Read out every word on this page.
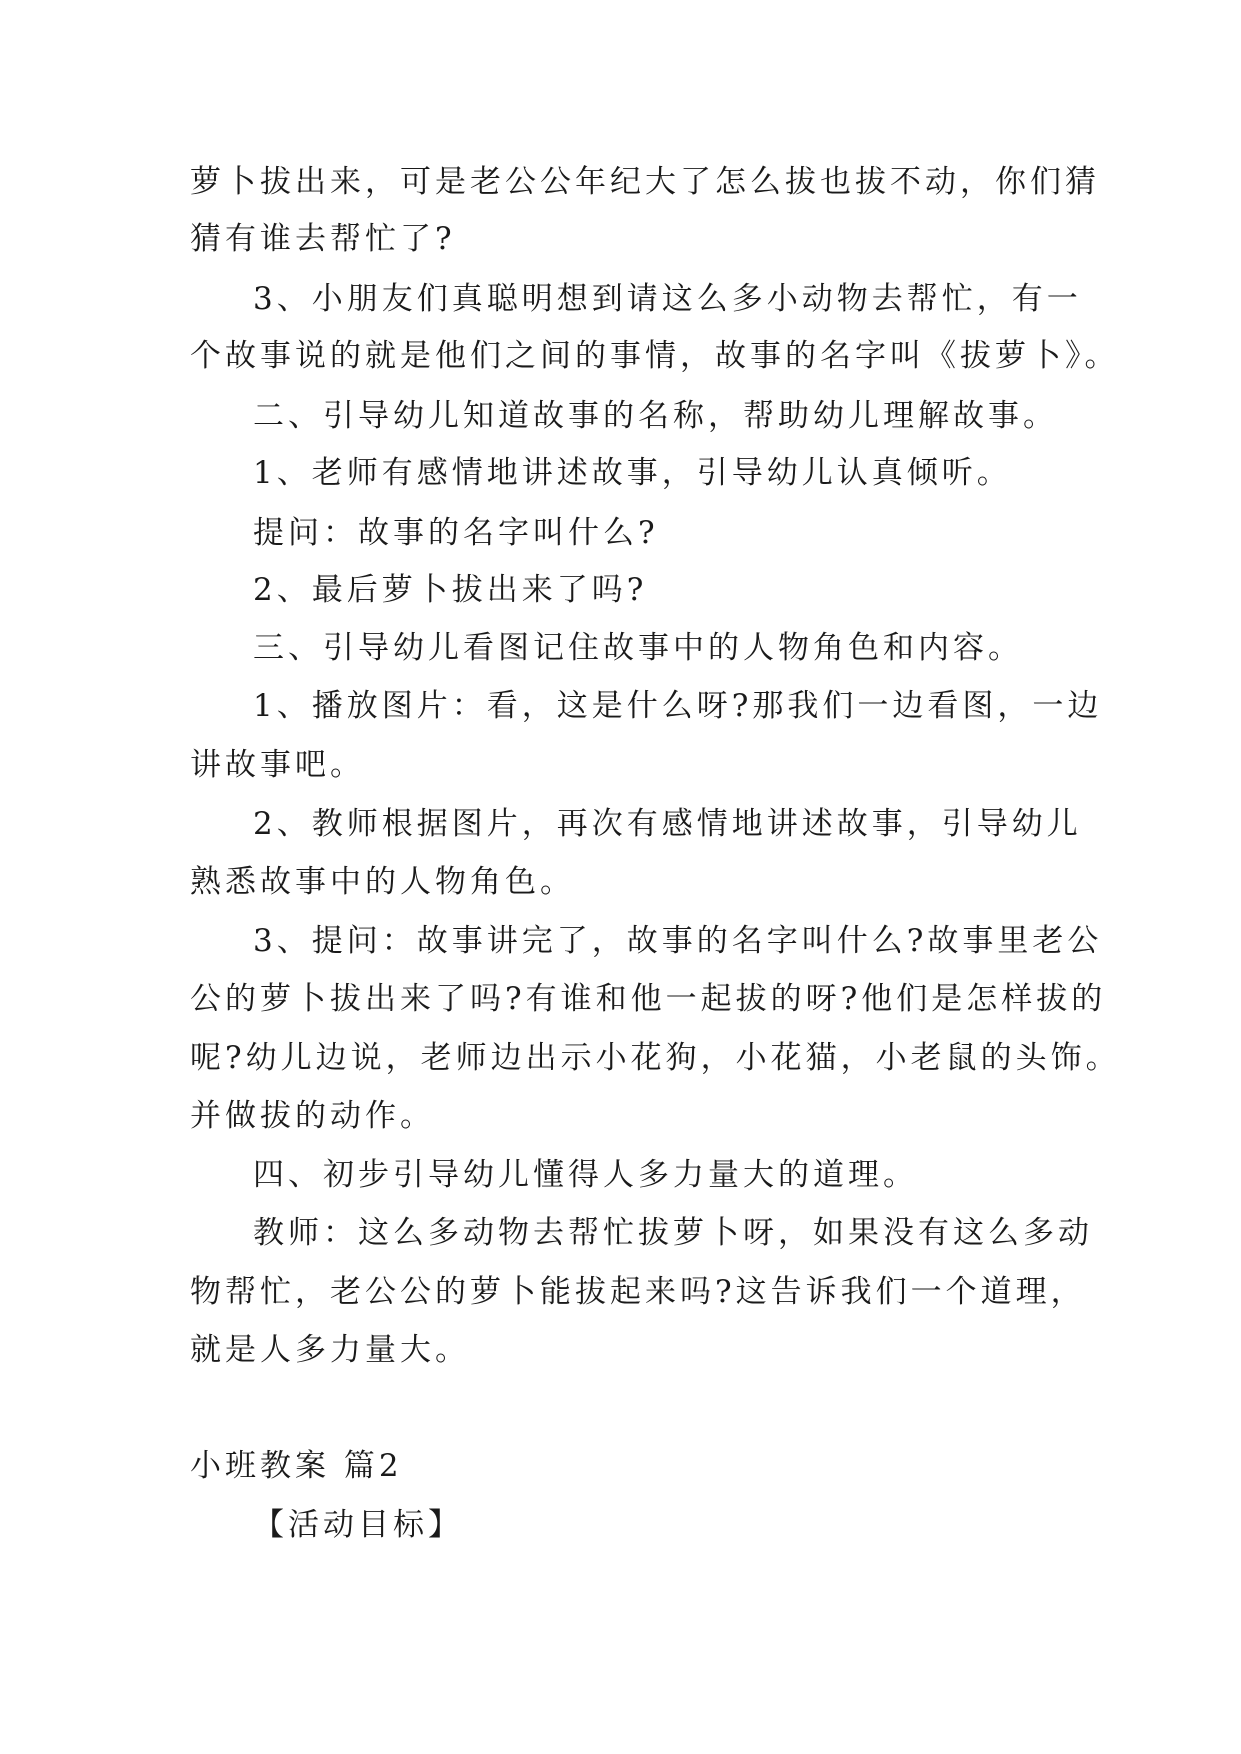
萝卜拔出来，可是老公公年纪大了怎么拔也拔不动，你们猜
猜有谁去帮忙了?
3、小朋友们真聪明想到请这么多小动物去帮忙，有一
个故事说的就是他们之间的事情，故事的名字叫《拔萝卜》。
二、引导幼儿知道故事的名称，帮助幼儿理解故事。
1、老师有感情地讲述故事，引导幼儿认真倾听。
提问：故事的名字叫什么?
2、最后萝卜拔出来了吗?
三、引导幼儿看图记住故事中的人物角色和内容。
1、播放图片：看，这是什么呀?那我们一边看图，一边
讲故事吧。
2、教师根据图片，再次有感情地讲述故事，引导幼儿
熟悉故事中的人物角色。
3、提问：故事讲完了，故事的名字叫什么?故事里老公
公的萝卜拔出来了吗?有谁和他一起拔的呀?他们是怎样拔的
呢?幼儿边说，老师边出示小花狗，小花猫，小老鼠的头饰。
并做拔的动作。
四、初步引导幼儿懂得人多力量大的道理。
教师：这么多动物去帮忙拔萝卜呀，如果没有这么多动
物帮忙，老公公的萝卜能拔起来吗?这告诉我们一个道理，
就是人多力量大。
小班教案 篇2
【活动目标】
